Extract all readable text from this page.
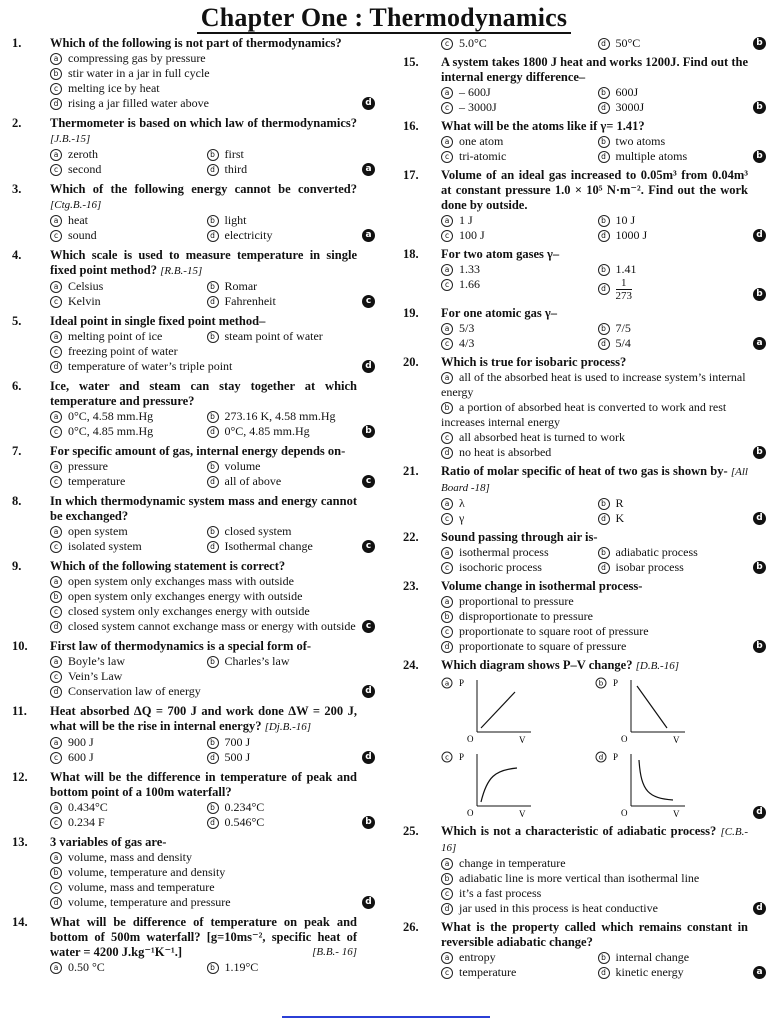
Chapter One : Thermodynamics
1. Which of the following is not part of thermodynamics?
a compressing gas by pressure
b stir water in a jar in full cycle
c melting ice by heat
d rising a jar filled water above	d
2. Thermometer is based on which law of thermodynamics? [J.B.-15]
a zeroth	b first
c second	d third	a
3. Which of the following energy cannot be converted? [Ctg.B.-16]
a heat	b light
c sound	d electricity	a
4. Which scale is used to measure temperature in single fixed point method? [R.B.-15]
a Celsius	b Romar
c Kelvin	d Fahrenheit	c
5. Ideal point in single fixed point method–
a melting point of ice	b steam point of water
c freezing point of water
d temperature of water’s triple point	d
6. Ice, water and steam can stay together at which temperature and pressure?
a 0°C, 4.58 mm.Hg	b 273.16 K, 4.58 mm.Hg
c 0°C, 4.85 mm.Hg	d 0°C, 4.85 mm.Hg	b
7. For specific amount of gas, internal energy depends on-
a pressure	b volume
c temperature	d all of above	c
8. In which thermodynamic system mass and energy cannot be exchanged?
a open system	b closed system
c isolated system	d Isothermal change	c
9. Which of the following statement is correct?
a open system only exchanges mass with outside
b open system only exchanges energy with outside
c closed system only exchanges energy with outside
d closed system cannot exchange mass or energy with outside	c
10. First law of thermodynamics is a special form of-
a Boyle’s law	b Charles’s law
c Vein’s Law
d Conservation law of energy	d
11. Heat absorbed ΔQ = 700 J and work done ΔW = 200 J, what will be the rise in internal energy? [Dj.B.-16]
a 900 J	b 700 J
c 600 J	d 500 J	d
12. What will be the difference in temperature of peak and bottom point of a 100m waterfall?
a 0.434°C	b 0.234°C
c 0.234 F	d 0.546°C	b
13. 3 variables of gas are-
a volume, mass and density
b volume, temperature and density
c volume, mass and temperature
d volume, temperature and pressure	d
14. What will be difference of temperature on peak and bottom of 500m waterfall? [g=10ms⁻², specific heat of water = 4200 J.kg⁻¹K⁻¹.]	[B.B.- 16]
a 0.50 °C	b 1.19°C
c 5.0°C	d 50°C	b
15. A system takes 1800 J heat and works 1200J. Find out the internal energy difference–
a – 600J	b 600J
c – 3000J	d 3000J	b
16. What will be the atoms like if γ= 1.41?
a one atom	b two atoms
c tri-atomic	d multiple atoms	b
17. Volume of an ideal gas increased to 0.05m³ from 0.04m³ at constant pressure 1.0 × 10⁵ N·m⁻². Find out the work done by outside.
a 1 J	b 10 J
c 100 J	d 1000 J	d
18. For two atom gases γ–
a 1.33	b 1.41
c 1.66	d $\frac{1}{273}$	b
19. For one atomic gas γ–
a 5/3	b 7/5
c 4/3	d 5/4	a
20. Which is true for isobaric process?
a all of the absorbed heat is used to increase system’s internal energy
b a portion of absorbed heat is converted to work and rest increases internal energy
c all absorbed heat is turned to work
d no heat is absorbed	b
21. Ratio of molar specific of heat of two gas is shown by- [All Board -18]
a λ	b R
c γ	d K	d
22. Sound passing through air is-
a isothermal process	b adiabatic process
c isochoric process	d isobar process	b
23. Volume change in isothermal process-
a proportional to pressure
b disproportionate to pressure
c proportionate to square root of pressure
d proportionate to square of pressure	b
24. Which diagram shows P–V change? [D.B.-16]
a P
O	V
b P
O	V
c P
O	V
d P
O	V	d
25. Which is not a characteristic of adiabatic process? [C.B.- 16]
a change in temperature
b adiabatic line is more vertical than isothermal line
c it’s a fast process
d jar used in this process is heat conductive	d
26. What is the property called which remains constant in reversible adiabatic change?
a entropy	b internal change
c temperature	d kinetic energy	a
